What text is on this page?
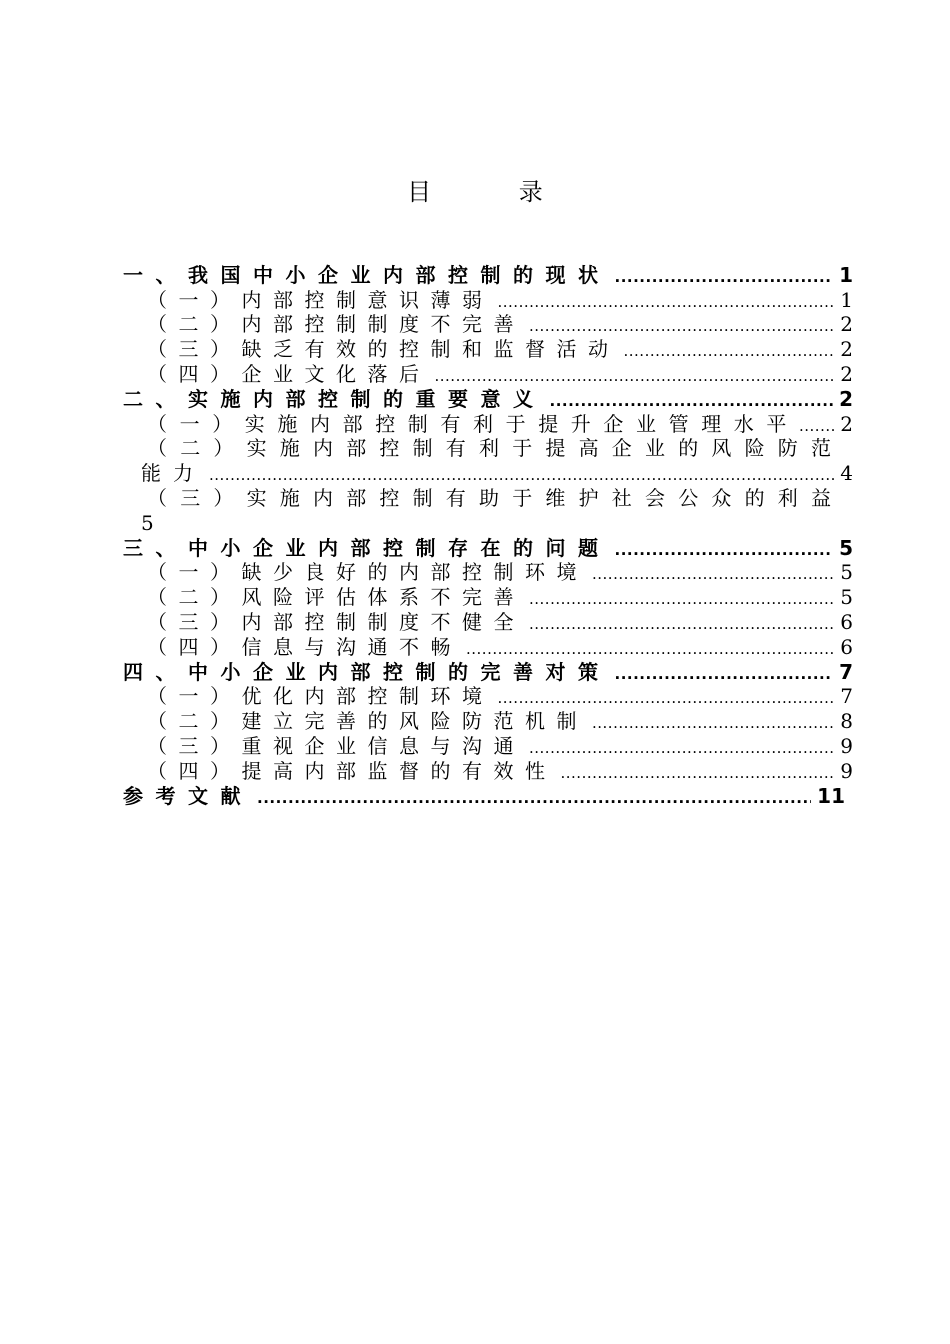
目 录
一、我国中小企业内部控制的现状 .....	1
（一）内部控制意识薄弱 .....	1
（二）内部控制制度不完善 .....	2
（三）缺乏有效的控制和监督活动 .....	2
（四）企业文化落后 .....	2
二、实施内部控制的重要意义 .....	2
（一）实施内部控制有利于提升企业管理水平 ..... 2
（二）实施内部控制有利于提高企业的风险防范
能力 .....	4
（三）实施内部控制有助于维护社会公众的利益
5
三、中小企业内部控制存在的问题 .....	5
（一）缺少良好的内部控制环境 .....	5
（二）风险评估体系不完善 .....	5
（三）内部控制制度不健全 .....	6
（四）信息与沟通不畅 .....	6
四、中小企业内部控制的完善对策 .....	7
（一）优化内部控制环境 .....	7
（二）建立完善的风险防范机制 .....	8
（三）重视企业信息与沟通 .....	9
（四）提高内部监督的有效性 .....	9
参考文献 .....	11
